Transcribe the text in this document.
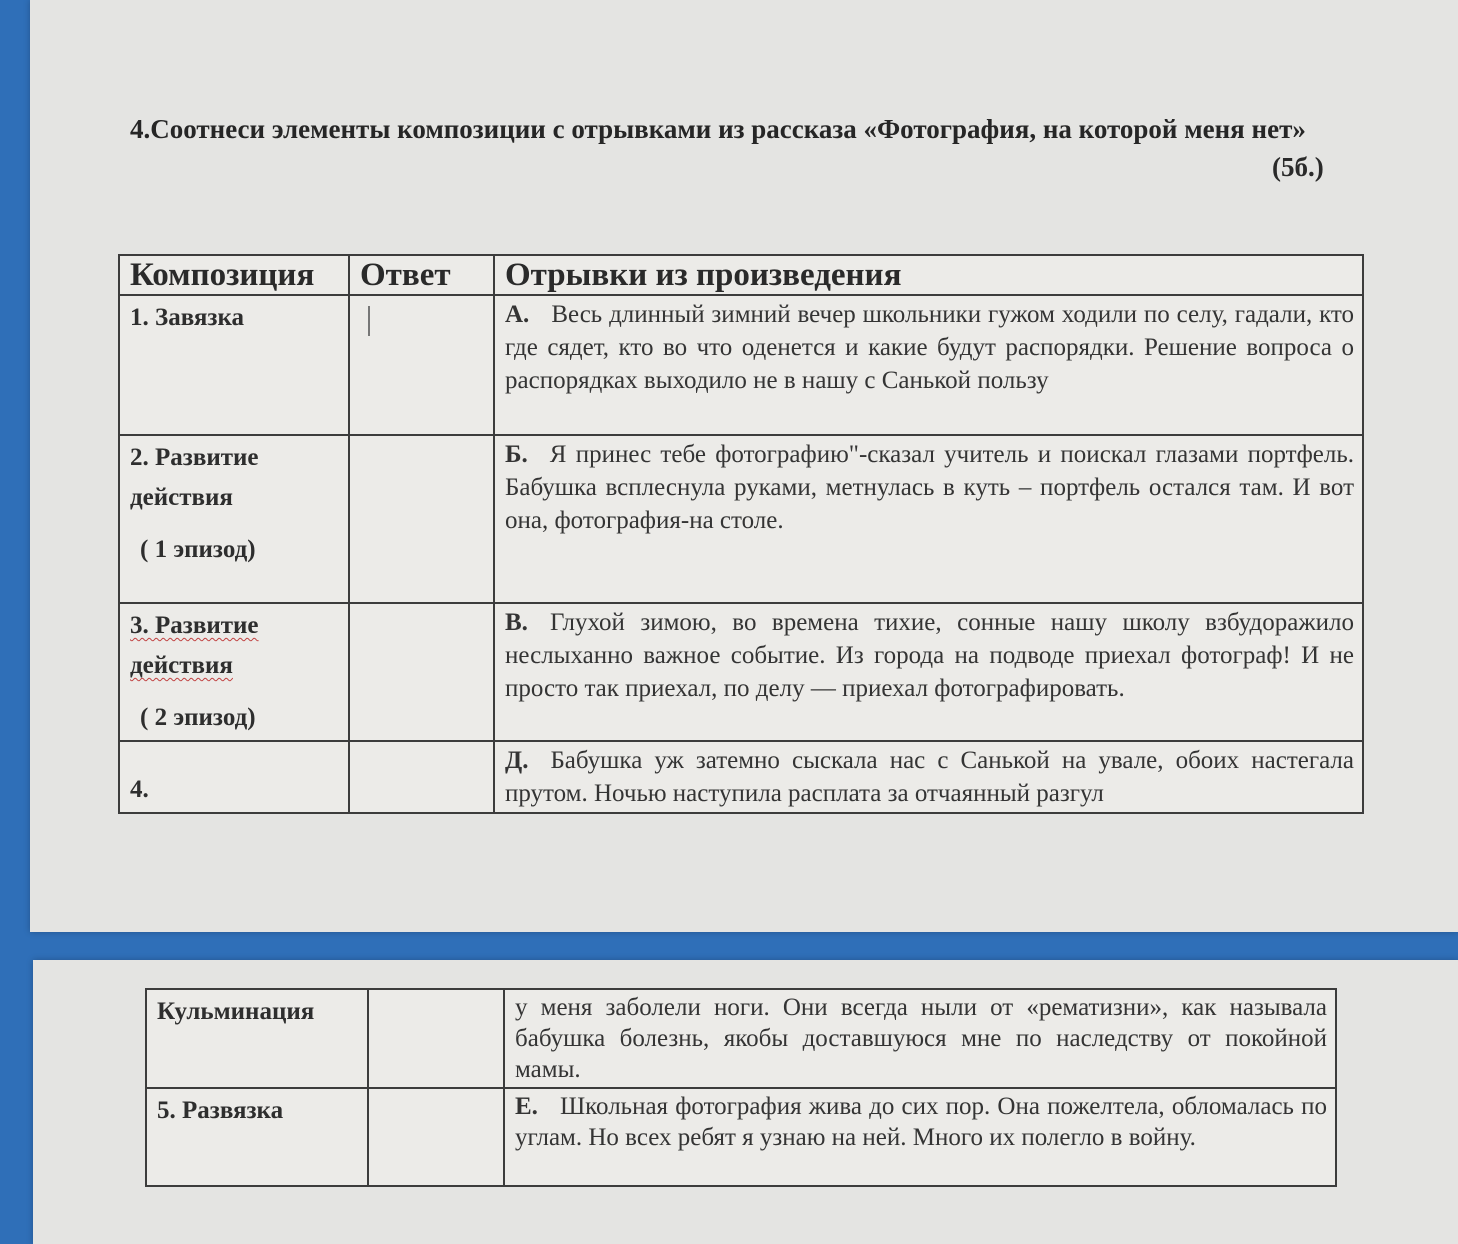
4.Соотнеси элементы композиции с отрывками из рассказа «Фотография, на которой меня нет»
(5б.)
Композиция	Ответ	Отрывки из произведения
1. Завязка		А. Весь длинный зимний вечер школьники гужом ходили по селу, гадали, кто где сядет, кто во что оденется и какие будут распорядки. Решение вопроса о распорядках выходило не в нашу с Санькой пользу
2. Развитие действия
( 1 эпизод)		Б. Я принес тебе фотографию"-сказал учитель и поискал глазами портфель. Бабушка всплеснула руками, метнулась в куть – портфель остался там. И вот она, фотография-на столе.
3. Развитие действия
( 2 эпизод)		В. Глухой зимою, во времена тихие, сонные нашу школу взбудоражило неслыханно важное событие. Из города на подводе приехал фотограф! И не просто так приехал, по делу — приехал фотографировать.
4.		Д. Бабушка уж затемно сыскала нас с Санькой на увале, обоих настегала прутом. Ночью наступила расплата за отчаянный разгул
Кульминация		у меня заболели ноги. Они всегда ныли от «рематизни», как называла бабушка болезнь, якобы доставшуюся мне по наследству от покойной мамы.
5. Развязка		Е. Школьная фотография жива до сих пор. Она пожелтела, обломалась по углам. Но всех ребят я узнаю на ней. Много их полегло в войну.
